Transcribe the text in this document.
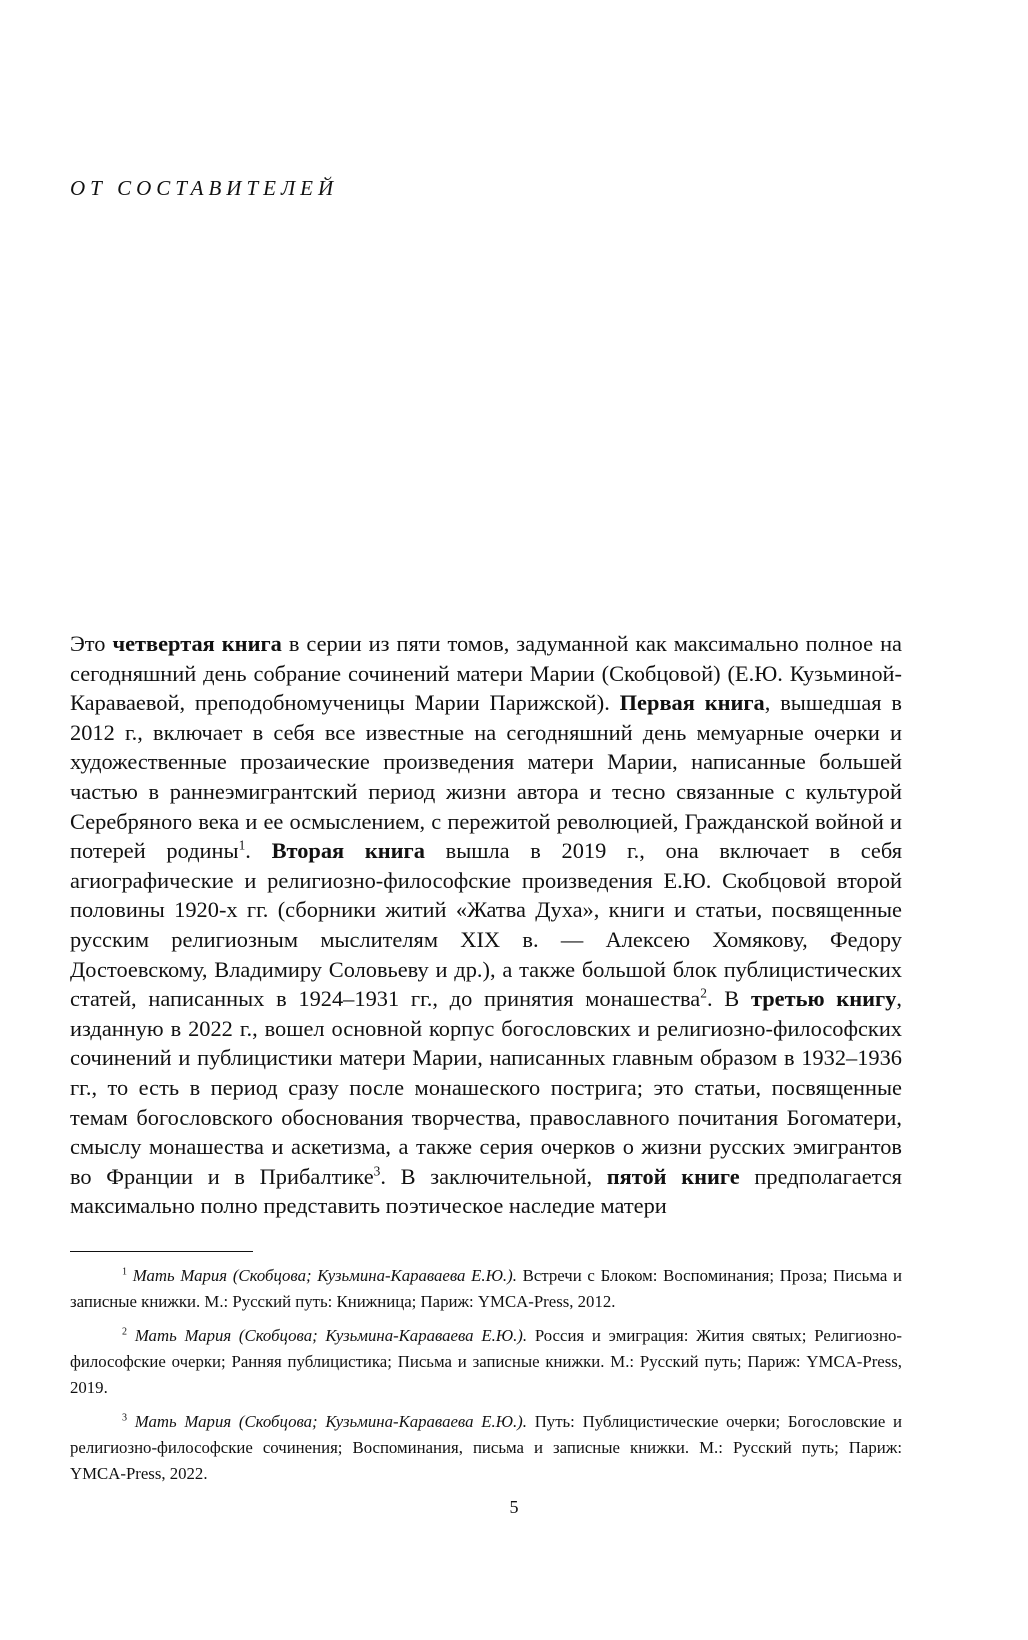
ОТ СОСТАВИТЕЛЕЙ

Это четвертая книга в серии из пяти томов, задуманной как максимально полное на сегодняшний день собрание сочинений матери Марии (Скобцовой) (Е.Ю. Кузьминой-Караваевой, преподобномученицы Марии Парижской). Первая книга, вышедшая в 2012 г., включает в себя все известные на сегодняшний день мемуарные очерки и художественные прозаические произведения матери Марии, написанные большей частью в раннеэмигрантский период жизни автора и тесно связанные с культурой Серебряного века и ее осмыслением, с пережитой революцией, Гражданской войной и потерей родины$^1$. Вторая книга вышла в 2019 г., она включает в себя агиографические и религиозно-философские произведения Е.Ю. Скобцовой второй половины 1920-х гг. (сборники житий «Жатва Духа», книги и статьи, посвященные русским религиозным мыслителям XIX в. — Алексею Хомякову, Федору Достоевскому, Владимиру Соловьеву и др.), а также большой блок публицистических статей, написанных в 1924–1931 гг., до принятия монашества$^2$. В третью книгу, изданную в 2022 г., вошел основной корпус богословских и религиозно-философских сочинений и публицистики матери Марии, написанных главным образом в 1932–1936 гг., то есть в период сразу после монашеского пострига; это статьи, посвященные темам богословского обоснования творчества, православного почитания Богоматери, смыслу монашества и аскетизма, а также серия очерков о жизни русских эмигрантов во Франции и в Прибалтике$^3$. В заключительной, пятой книге предполагается максимально полно представить поэтическое наследие матери

$^1$ Мать Мария (Скобцова; Кузьмина-Караваева Е.Ю.). Встречи с Блоком: Воспоминания; Проза; Письма и записные книжки. М.: Русский путь: Книжница; Париж: YMCA-Press, 2012.

$^2$ Мать Мария (Скобцова; Кузьмина-Караваева Е.Ю.). Россия и эмиграция: Жития святых; Религиозно-философские очерки; Ранняя публицистика; Письма и записные книжки. М.: Русский путь; Париж: YMCA-Press, 2019.

$^3$ Мать Мария (Скобцова; Кузьмина-Караваева Е.Ю.). Путь: Публицистические очерки; Богословские и религиозно-философские сочинения; Воспоминания, письма и записные книжки. М.: Русский путь; Париж: YMCA-Press, 2022.

5
